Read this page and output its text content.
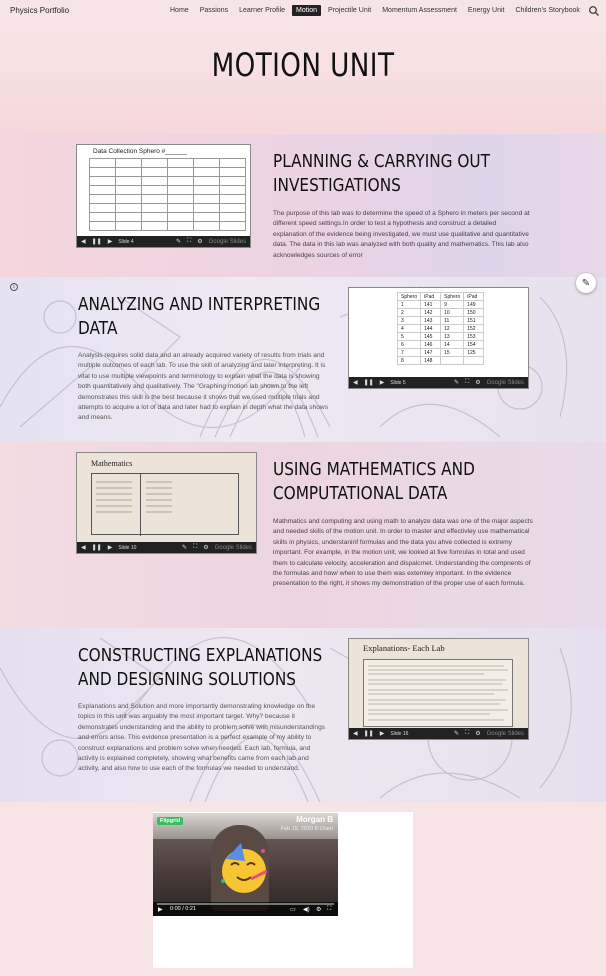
Physics Portfolio	Home	Passions	Learner Profile	Motion	Projectile Unit	Momentum Assessment	Energy Unit	Children's Storybook
MOTION UNIT
Data Collection Sphero #______

◀ ❚❚ ▶ Slide 4	✎ ⛶ ⚙ Google Slides
PLANNING & CARRYING OUT INVESTIGATIONS

The purpose of this lab was to determine the speed of a Sphero in meters per second at different speed settings.In order to test a hypothesis and construct a detailed explanation of the evidence being investigated, we must use qualitative and quantitative data. The data in this lab was analyzed with both quality and mathematics. This lab also acknowledges sources of error

ANALYZING AND INTERPRETING DATA

Analysis requires solid data and an already acquired variety of results from trials and multiple outcomes of each lab. To use the skill of analyzing and later interpreting. It is vital to use multiple viewpoints and terminology to explain what the data is showing both quantitatively and qualitatively. The "Graphing motion lab shown to the left demonstrates this skill is the best because it shows that we used multiple trials and attempts to acquire a lot of data and later had to explain in depth what the data shows and means.

Sphero	iPad	Sphero	iPad
1	141	9	149
2	142	10	150
3	143	11	151
4	144	12	152
5	145	13	153
6	146	14	154
7	147	15	125
8	148		
◀ ❚❚ ▶ Slide 5	✎ ⛶ ⚙ Google Slides
i	✎
Mathematics
◀ ❚❚ ▶ Slide 10	✎ ⛶ ⚙ Google Slides
USING MATHEMATICS AND COMPUTATIONAL DATA

Mathmatics and computing and using math to analyze data was one of the major aspects and needed skills of the motion unit. In order to master and effectivley use mathematical skills in physics, understaninf formulas and the data you ahve collected is extremy important. For example, in the motion unit, we looked at five fomrulas in total and used them to calculate velocity, acceleration and dispalcmet. Understanding the compnents of the formulas and how/ when to use them was extemley important. In the evidence presentation to the right, it shows my demonstration of the proper use of each formula.

CONSTRUCTING EXPLANATIONS AND DESIGNING SOLUTIONS

Explanations and Solution and more importantly demonstrating knowledge on the topics in this unit was arguably the most important target. Why? because it demonstrates understanding and the ability to problem solve with misunderstandings and errors arise. This evidence presentation is a perfect example of my ability to construct explanations and problem solve when needed. Each lab, formula, and activity is explained completely, showing what benefits came from each lab and activity, and also how to use each of the formulas we needed to understand.

Explanations- Each Lab
◀ ❚❚ ▶ Slide 16	✎ ⛶ ⚙ Google Slides
Flipgrid	Morgan B
Feb 19, 2020 8:15am
▶ 0:00 / 0:21	▭ ◀) ⚙ ⛶
